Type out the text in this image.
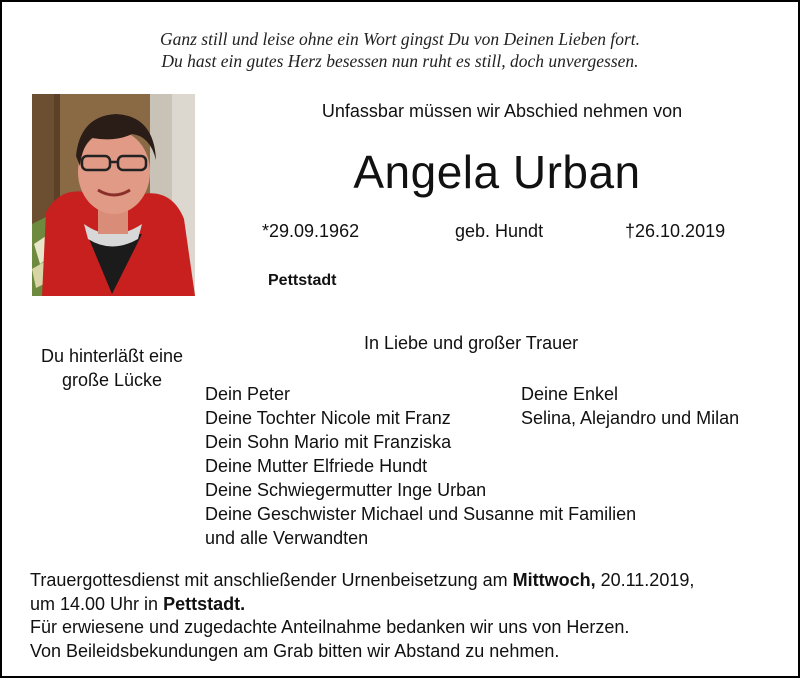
Ganz still und leise ohne ein Wort gingst Du von Deinen Lieben fort.
Du hast ein gutes Herz besessen nun ruht es still, doch unvergessen.
Unfassbar müssen wir Abschied nehmen von
Angela Urban
*29.09.1962	geb. Hundt	†26.10.2019
Pettstadt
Du hinterläßt eine
große Lücke
In Liebe und großer Trauer
Dein Peter
Deine Tochter Nicole mit Franz
Dein Sohn Mario mit Franziska
Deine Mutter Elfriede Hundt
Deine Schwiegermutter Inge Urban
Deine Geschwister Michael und Susanne mit Familien
und alle Verwandten
Deine Enkel
Selina, Alejandro und Milan
Trauergottesdienst mit anschließender Urnenbeisetzung am Mittwoch, 20.11.2019,
um 14.00 Uhr in Pettstadt.
Für erwiesene und zugedachte Anteilnahme bedanken wir uns von Herzen.
Von Beileidsbekundungen am Grab bitten wir Abstand zu nehmen.
